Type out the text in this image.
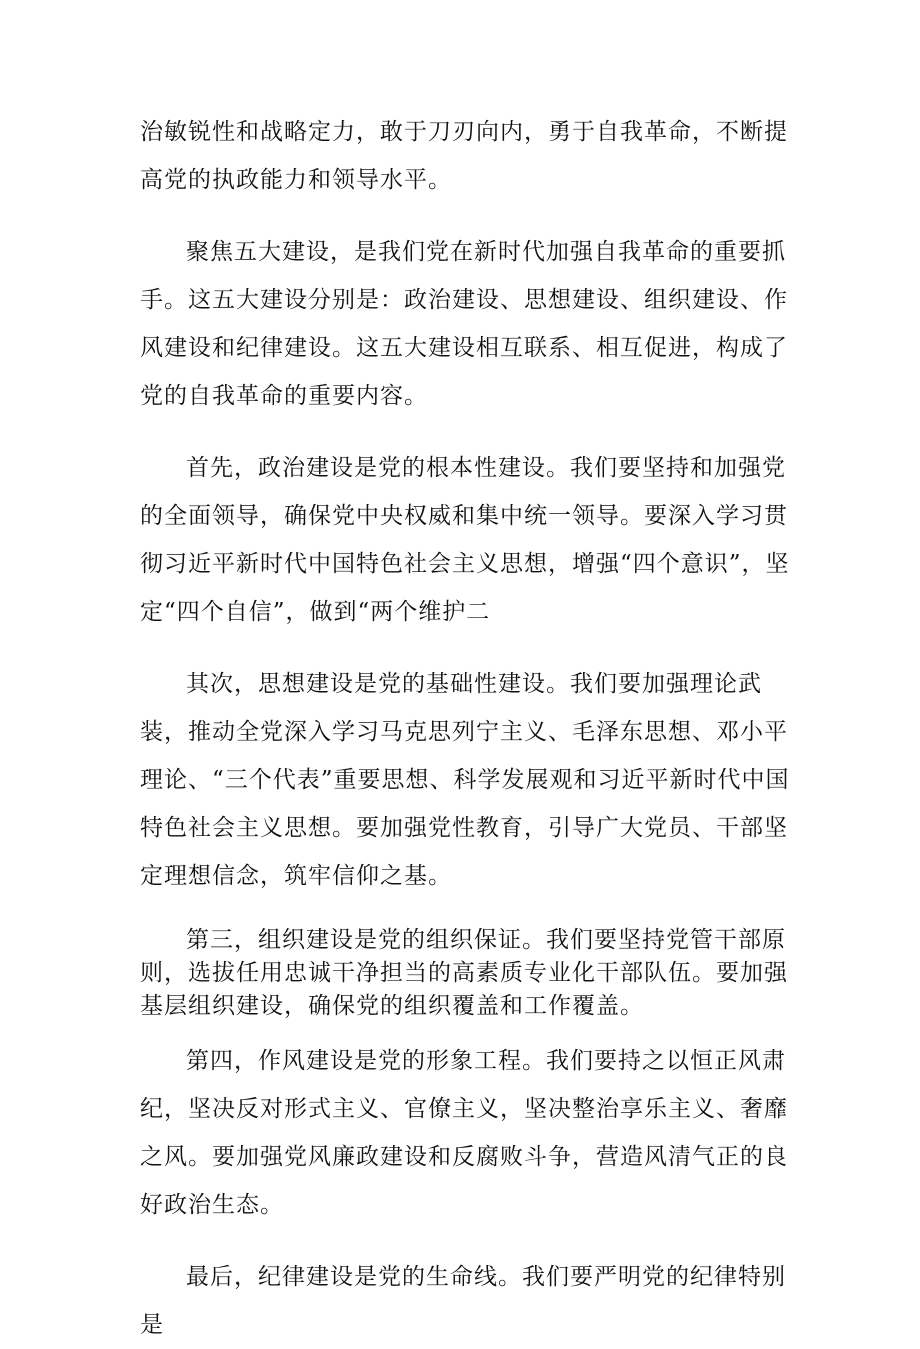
治敏锐性和战略定力，敢于刀刃向内，勇于自我革命，不断提高党的执政能力和领导水平。

聚焦五大建设，是我们党在新时代加强自我革命的重要抓手。这五大建设分别是：政治建设、思想建设、组织建设、作风建设和纪律建设。这五大建设相互联系、相互促进，构成了党的自我革命的重要内容。

首先，政治建设是党的根本性建设。我们要坚持和加强党的全面领导，确保党中央权威和集中统一领导。要深入学习贯彻习近平新时代中国特色社会主义思想，增强“四个意识”，坚定“四个自信”，做到“两个维护二

其次，思想建设是党的基础性建设。我们要加强理论武装，推动全党深入学习马克思列宁主义、毛泽东思想、邓小平理论、“三个代表”重要思想、科学发展观和习近平新时代中国特色社会主义思想。要加强党性教育，引导广大党员、干部坚定理想信念，筑牢信仰之基。

第三，组织建设是党的组织保证。我们要坚持党管干部原则，选拔任用忠诚干净担当的高素质专业化干部队伍。要加强基层组织建设，确保党的组织覆盖和工作覆盖。

第四，作风建设是党的形象工程。我们要持之以恒正风肃纪，坚决反对形式主义、官僚主义，坚决整治享乐主义、奢靡之风。要加强党风廉政建设和反腐败斗争，营造风清气正的良好政治生态。

最后，纪律建设是党的生命线。我们要严明党的纪律特别是
